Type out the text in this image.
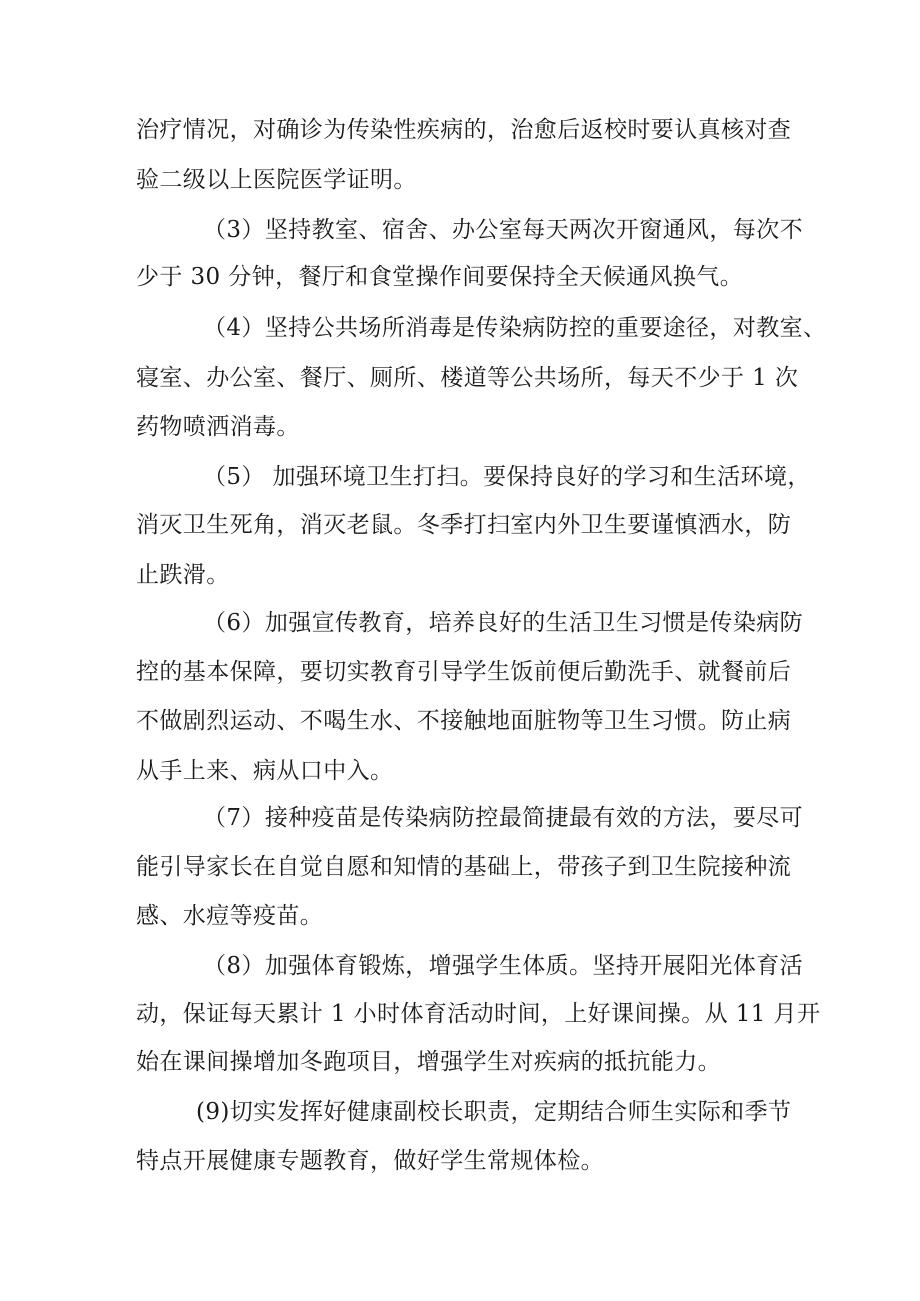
治疗情况，对确诊为传染性疾病的，治愈后返校时要认真核对查
验二级以上医院医学证明。
（3）坚持教室、宿舍、办公室每天两次开窗通风，每次不
少于 30 分钟，餐厅和食堂操作间要保持全天候通风换气。
（4）坚持公共场所消毒是传染病防控的重要途径，对教室、
寝室、办公室、餐厅、厕所、楼道等公共场所，每天不少于 1 次
药物喷洒消毒。
（5） 加强环境卫生打扫。要保持良好的学习和生活环境，
消灭卫生死角，消灭老鼠。冬季打扫室内外卫生要谨慎洒水，防
止跌滑。
（6）加强宣传教育，培养良好的生活卫生习惯是传染病防
控的基本保障，要切实教育引导学生饭前便后勤洗手、就餐前后
不做剧烈运动、不喝生水、不接触地面脏物等卫生习惯。防止病
从手上来、病从口中入。
（7）接种疫苗是传染病防控最简捷最有效的方法，要尽可
能引导家长在自觉自愿和知情的基础上，带孩子到卫生院接种流
感、水痘等疫苗。
（8）加强体育锻炼，增强学生体质。坚持开展阳光体育活
动，保证每天累计 1 小时体育活动时间，上好课间操。从 11 月开
始在课间操增加冬跑项目，增强学生对疾病的抵抗能力。
(9)切实发挥好健康副校长职责，定期结合师生实际和季节
特点开展健康专题教育，做好学生常规体检。
